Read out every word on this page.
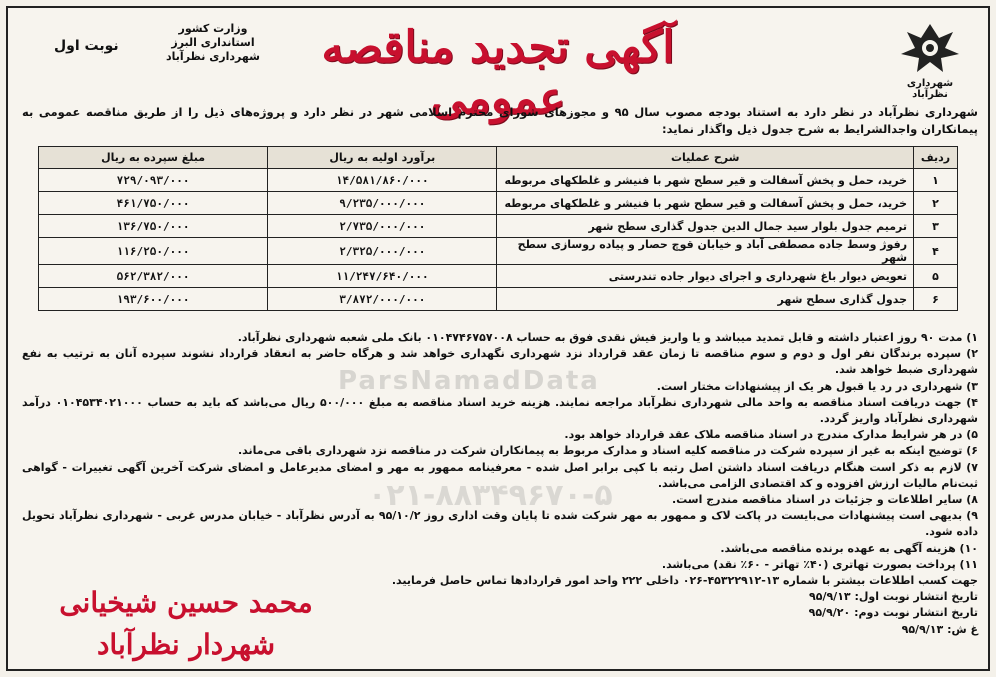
شهرداری نظرآباد
آگهی تجدید مناقصه عمومی
وزارت کشور
استانداری البرز
شهرداری نظرآباد
نوبت اول
شهرداری نظرآباد در نظر دارد به استناد بودجه مصوب سال ۹۵ و مجوزهای شورای محترم اسلامی شهر در نظر دارد و پروژه‌های ذیل را از طریق مناقصه عمومی به پیمانکاران واجدالشرایط به شرح جدول ذیل واگذار نماید:
ردیف	شرح عملیات	برآورد اولیه به ریال	مبلغ سپرده به ریال
۱	خرید، حمل و پخش آسفالت و قیر سطح شهر با فنیشر و غلطکهای مربوطه	۱۴/۵۸۱/۸۶۰/۰۰۰	۷۲۹/۰۹۳/۰۰۰
۲	خرید، حمل و پخش آسفالت و قیر سطح شهر با فنیشر و غلطکهای مربوطه	۹/۲۳۵/۰۰۰/۰۰۰	۴۶۱/۷۵۰/۰۰۰
۳	ترمیم جدول بلوار سید جمال الدین جدول گذاری سطح شهر	۲/۷۳۵/۰۰۰/۰۰۰	۱۳۶/۷۵۰/۰۰۰
۴	رفوژ وسط جاده مصطفی آباد و خیابان قوچ حصار و پیاده روسازی سطح شهر	۲/۳۲۵/۰۰۰/۰۰۰	۱۱۶/۲۵۰/۰۰۰
۵	تعویض دیوار باغ شهرداری و اجرای دیوار جاده تندرستی	۱۱/۲۴۷/۶۴۰/۰۰۰	۵۶۲/۳۸۲/۰۰۰
۶	جدول گذاری سطح شهر	۳/۸۷۲/۰۰۰/۰۰۰	۱۹۳/۶۰۰/۰۰۰
ParsNamadData
۰۲۱-۸۸۳۴۹۶۷۰-۵

۱) مدت ۹۰ روز اعتبار داشته و قابل تمدید میباشد و یا واریز فیش نقدی فوق به حساب ۰۱۰۴۷۴۶۷۵۷۰۰۸ بانک ملی شعبه شهرداری نظرآباد.

۲) سپرده برندگان نفر اول و دوم و سوم مناقصه تا زمان عقد قرارداد نزد شهرداری نگهداری خواهد شد و هرگاه حاضر به انعقاد قرارداد نشوند سپرده آنان به ترتیب به نفع شهرداری ضبط خواهد شد.

۳) شهرداری در رد یا قبول هر یک از پیشنهادات مختار است.

۴) جهت دریافت اسناد مناقصه به واحد مالی شهرداری نظرآباد مراجعه نمایند. هزینه خرید اسناد مناقصه به مبلغ ۵۰۰/۰۰۰ ریال می‌باشد که باید به حساب ۰۱۰۴۵۳۴۰۲۱۰۰۰ درآمد شهرداری نظرآباد واریز گردد.

۵) در هر شرایط مدارک مندرج در اسناد مناقصه ملاک عقد قرارداد خواهد بود.

۶) توضیح اینکه به غیر از سپرده شرکت در مناقصه کلیه اسناد و مدارک مربوط به پیمانکاران شرکت در مناقصه نزد شهرداری باقی می‌ماند.

۷) لازم به ذکر است هنگام دریافت اسناد داشتن اصل رتبه با کپی برابر اصل شده - معرفینامه ممهور به مهر و امضای مدیرعامل و امضای شرکت آخرین آگهی تغییرات - گواهی ثبت‌نام مالیات ارزش افزوده و کد اقتصادی الزامی می‌باشد.

۸) سایر اطلاعات و جزئیات در اسناد مناقصه مندرج است.

۹) بدیهی است پیشنهادات می‌بایست در پاکت لاک و ممهور به مهر شرکت شده تا پایان وقت اداری روز ۹۵/۱۰/۲ به آدرس نظرآباد - خیابان مدرس غربی - شهرداری نظرآباد تحویل داده شود.

۱۰) هزینه آگهی به عهده برنده مناقصه می‌باشد.

۱۱) پرداخت بصورت تهاتری (۴۰٪ تهاتر - ۶۰٪ نقد) می‌باشد.

جهت کسب اطلاعات بیشتر با شماره ۱۳-۴۵۳۲۲۹۱۲-۰۲۶ داخلی ۲۲۲ واحد امور قراردادها تماس حاصل فرمایید.

تاریخ انتشار نوبت اول: ۹۵/۹/۱۳

تاریخ انتشار نوبت دوم: ۹۵/۹/۲۰

غ ش: ۹۵/۹/۱۳

محمد حسین شیخیانی
شهردار نظرآباد
